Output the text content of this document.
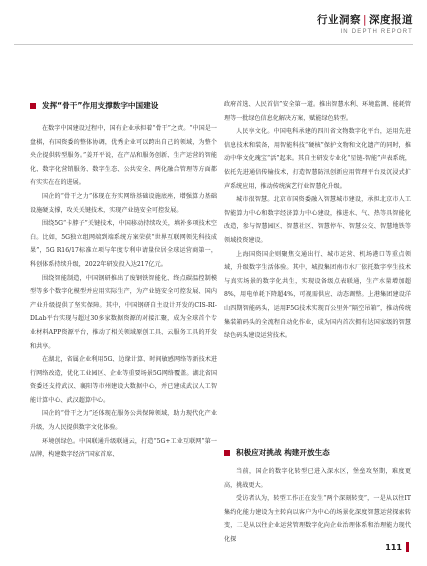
行业洞察 | 深度报道
IN DEPTH REPORT
发挥“骨干”作用支撑数字中国建设

在数字中国建设过程中，国有企业承担着“骨干”之责。“中国是一盘棋，有国资委的整体协调，优秀企业可以跨出自己的领域，为整个央企提供转型服务。”姜开平说，在产品和服务创新、生产运营的智能化、数字化营销服务、数字生态、公共安全、两化融合管理等方面都有实实在在的进展。

国企的“骨干之力”体现在夯实网络基础设施底座，增强算力基础设施硬支撑，攻关关键技术，实现产业链安全可控发展。

围绕5G“卡脖子”关键技术，中国移动持续攻关，填补多项技术空白。比如，5G独立组网端到端系统方案荣获“世界互联网领先科技成果”，5G R16/17标准立项与年度专利申请量位居全球运营商第一，科创体系持续升级，2022年研发投入达217亿元。

围绕智能制造，中国钢研推出了废钢铁智能化、终点碳温控制模型等多个数字化模型并应用实际生产，为产业链安全可控发展、国内产业升级提供了坚实保障。其中，中国钢研自主设计开发的CIS-RI-DLab平台实现与超过30多家数据资源的对接汇聚，成为全球首个专业材料APP资源平台，推动了相关领域原创工具、云服务工具的开发和共享。

在湖北，省属企业利用5G、边缘计算、时间敏感网络等新技术进行网络改造，优化工业园区、企业等重要场景5G网络覆盖。湖北省国资委还支持武汉、襄阳等市州建设大数据中心，并已建成武汉人工智能计算中心、武汉超算中心。

国企的“骨干之力”还体现在服务公共保障领域，助力现代化产业升级，为人民提供数字文化体验。

环境创绿色。中国联通升级联通云，打造“5G+工业互联网”第一品牌，构建数字经济“国家首席、

政府首选、人民首信”安全第一道。推出智慧水利、环境监测、能耗管理等一批绿色信息化解决方案，赋能绿色转型。

人民享文化。中国电科承建的四川省文物数字化平台，运用先进信息技术和装备，用智能科技“硬核”保护文物和文化遗产的同时，推动中华文化瑰宝“活”起来。其自主研发专业化“星链-智能”声表系统，依托先进通信传输技术，打造智慧防汛创新应用管理平台及沉浸式扩声系统应用，推动传统演艺行业智慧化升级。

城市很智慧。北京市国资委融入智慧城市建设，承担北京市人工智能算力中心和数字经济算力中心建设，推进水、气、热等具智能化改造，参与智慧园区、智慧社区、智慧停车、智慧公交、智慧地铁等领域投资建设。

上海国资国企则聚焦交通出行、城市运营、机场港口等重点领域，升级数字生活体验。其中，城投集团南市水厂依托数字孪生技术与真实场景的数字化共生，实现设备级点表联通，生产水量增加超8%，用电单耗下降超4%，可视需供应、动态调整。上港集团建设洋山四期智能码头，运用F5G技术实现百公里外“隔空吊箱”，推动传统集装箱码头的全流程自动化作业，成为国内首次拥有达国家级的智慧绿色码头建设运营技术。

积极应对挑战 构建开放生态

当前，国企的数字化转型已进入深水区，堡垒攻坚期，难度更高，挑战更大。

受访者认为，转型工作正在发生“两个深刻转变”，一是从以往IT集约化能力建设为主转向以客户为中心的场景化深度智慧运营探索转变，二是从以往企业运营管理数字化向企业治理体系和治理能力现代化探

111
